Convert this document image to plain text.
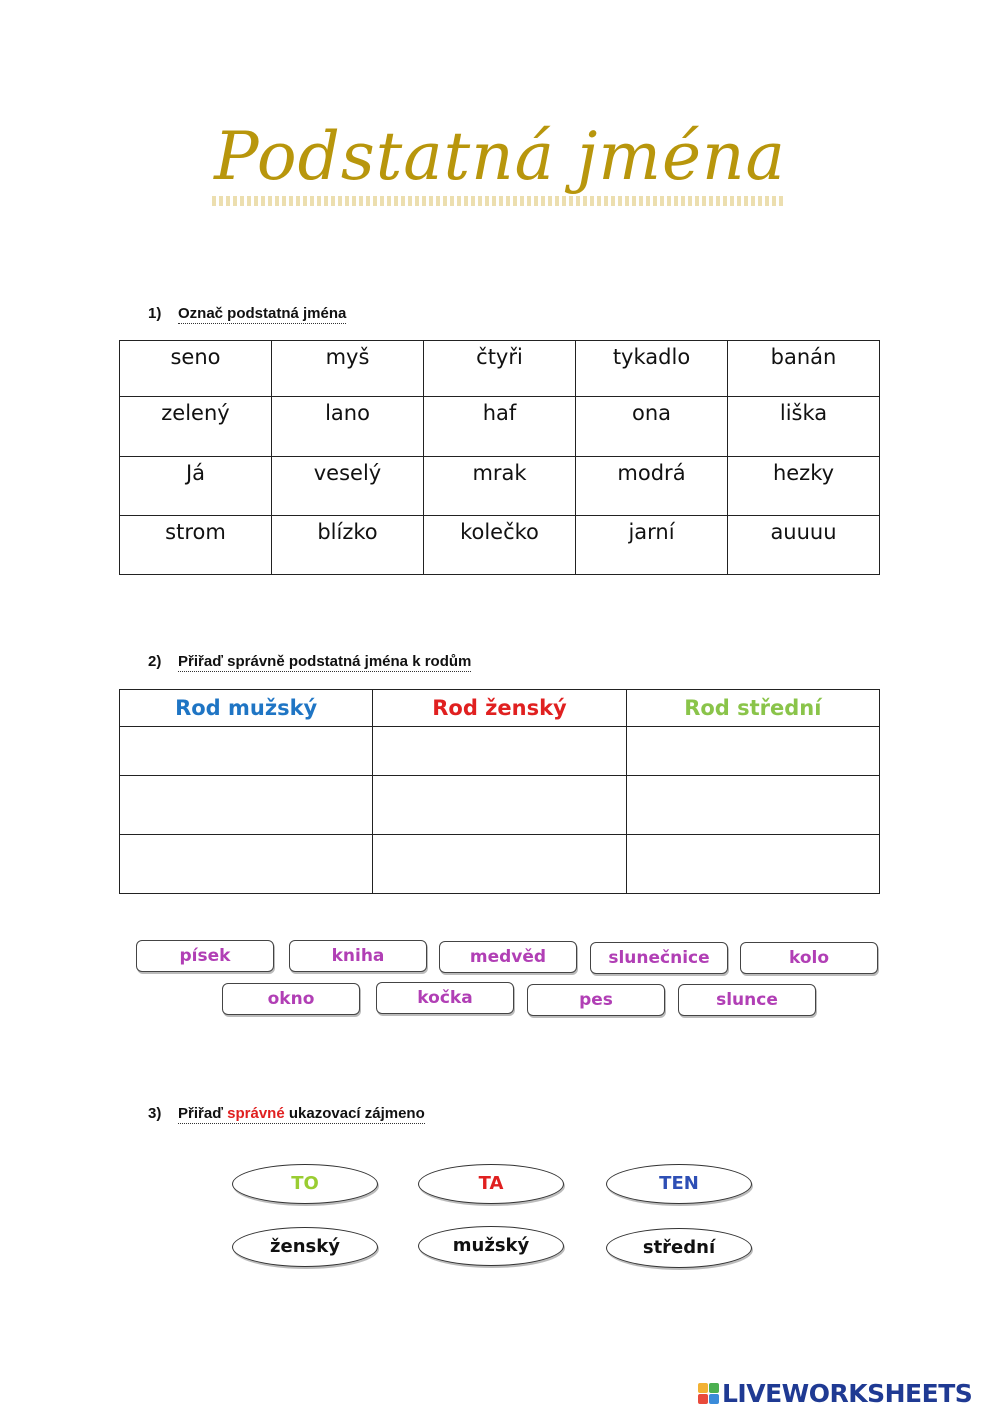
Podstatná jména
1) Označ podstatná jména
seno	myš	čtyři	tykadlo	banán
zelený	lano	haf	ona	liška
Já	veselý	mrak	modrá	hezky
strom	blízko	kolečko	jarní	auuuu
2) Přiřaď správně podstatná jména k rodům
Rod mužský	Rod ženský	Rod střední

písek	kniha	medvěd	slunečnice	kolo
okno	kočka	pes	slunce
3) Přiřaď správné ukazovací zájmeno
TO	TA	TEN
ženský	mužský	střední
LIVEWORKSHEETS
